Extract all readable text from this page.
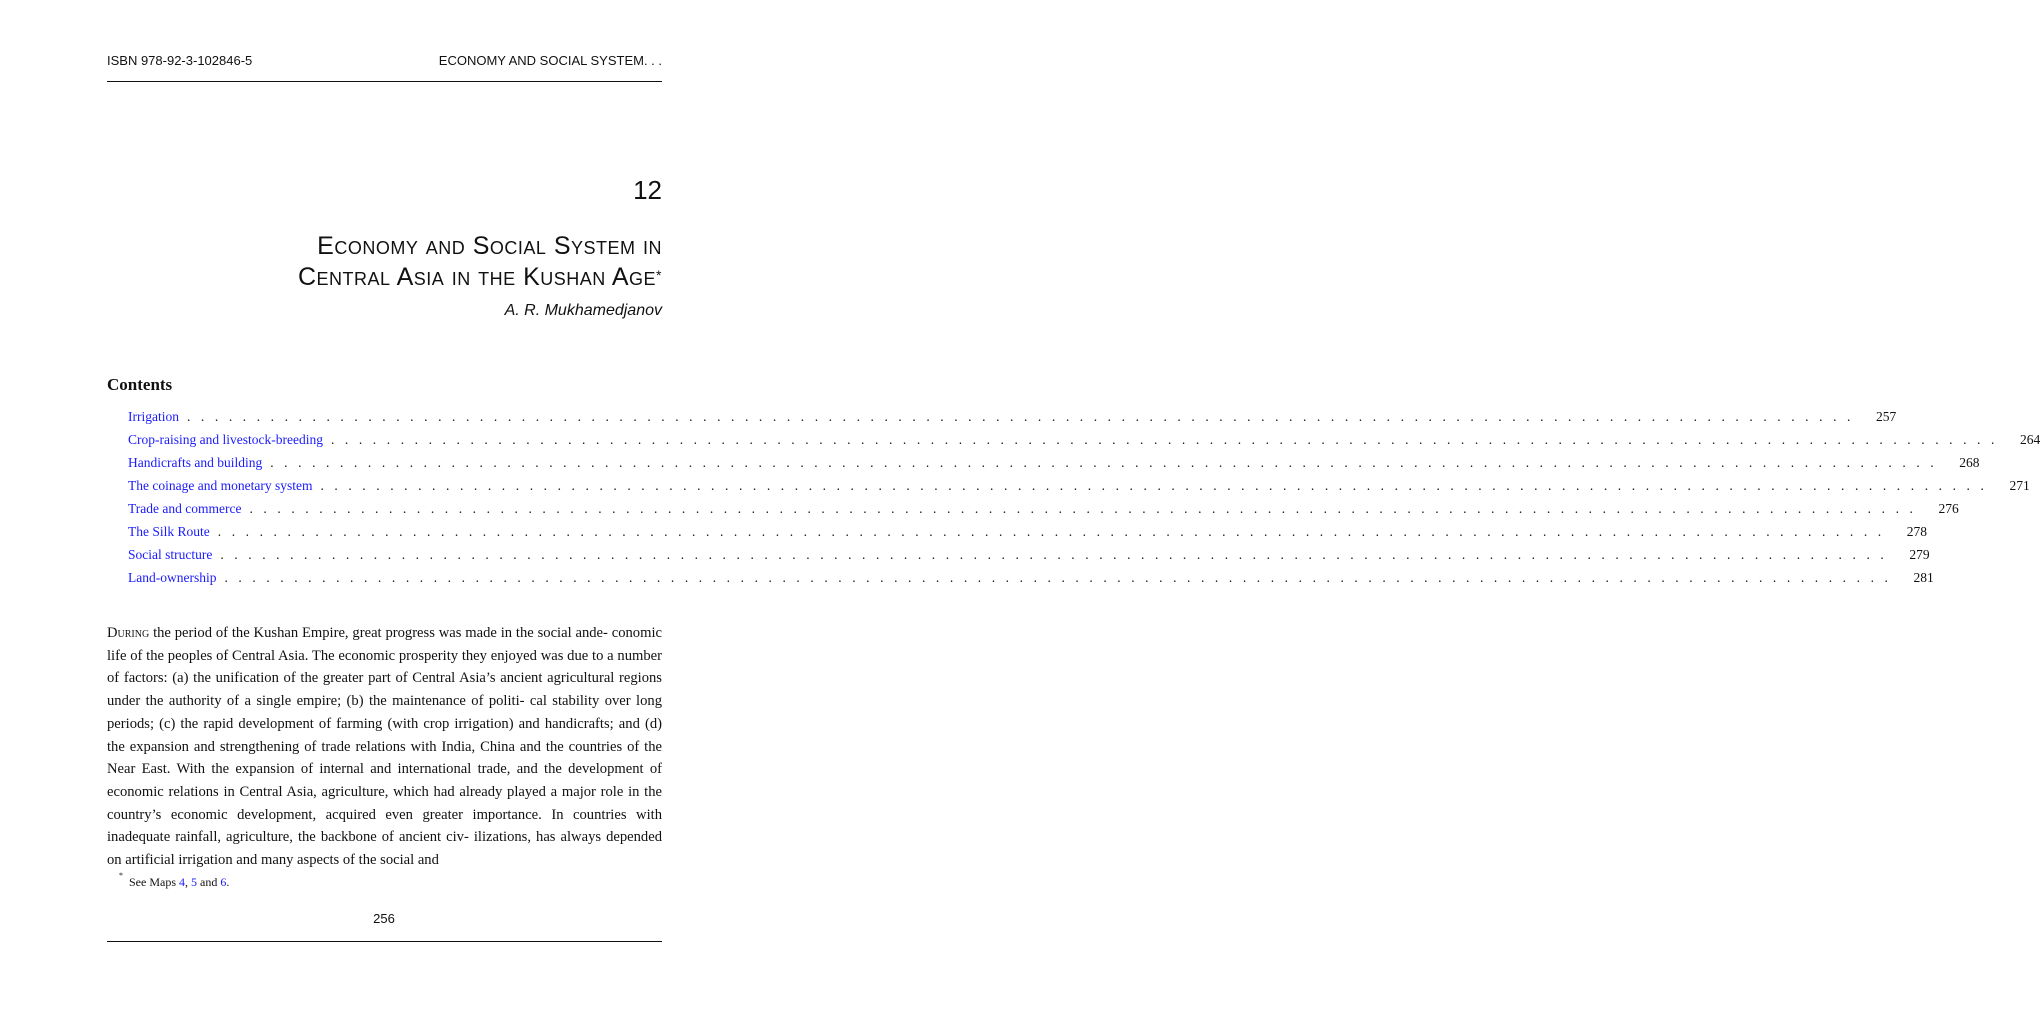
ISBN 978-92-3-102846-5	ECONOMY AND SOCIAL SYSTEM. . .
12
Economy and Social System in
Central Asia in the Kushan Age*
A. R. Mukhamedjanov
Contents
Irrigation . . . . . . . . . . . . . . . . . . . . . . . . . . . . . . . . . . . . . . . . . . . . . . . . . . . . . . . . . . . . . . . . . . . . . . . . . . . . . . . . . . . . . . . . . . . . . . . . . . . . . . . . . . . . . . . . . . . . . . . . 257
Crop-raising and livestock-breeding . . . . . . . . . . . . . . . . . . . . . . . . . . . . . . . . . . . . . . . . . . . . . . . . . . . . . . . . . . . . . . . . . . . . . . . . . . . . . . . . . . . . . . . . . . . . . . . . . . . . . . . . . . . . . . . . . . . . . . . . 264
Handicrafts and building . . . . . . . . . . . . . . . . . . . . . . . . . . . . . . . . . . . . . . . . . . . . . . . . . . . . . . . . . . . . . . . . . . . . . . . . . . . . . . . . . . . . . . . . . . . . . . . . . . . . . . . . . . . . . . . . . . . . . . . . 268
The coinage and monetary system . . . . . . . . . . . . . . . . . . . . . . . . . . . . . . . . . . . . . . . . . . . . . . . . . . . . . . . . . . . . . . . . . . . . . . . . . . . . . . . . . . . . . . . . . . . . . . . . . . . . . . . . . . . . . . . . . . . . . . . . 271
Trade and commerce . . . . . . . . . . . . . . . . . . . . . . . . . . . . . . . . . . . . . . . . . . . . . . . . . . . . . . . . . . . . . . . . . . . . . . . . . . . . . . . . . . . . . . . . . . . . . . . . . . . . . . . . . . . . . . . . . . . . . . . . 276
The Silk Route . . . . . . . . . . . . . . . . . . . . . . . . . . . . . . . . . . . . . . . . . . . . . . . . . . . . . . . . . . . . . . . . . . . . . . . . . . . . . . . . . . . . . . . . . . . . . . . . . . . . . . . . . . . . . . . . . . . . . . . . 278
Social structure . . . . . . . . . . . . . . . . . . . . . . . . . . . . . . . . . . . . . . . . . . . . . . . . . . . . . . . . . . . . . . . . . . . . . . . . . . . . . . . . . . . . . . . . . . . . . . . . . . . . . . . . . . . . . . . . . . . . . . . . 279
Land-ownership . . . . . . . . . . . . . . . . . . . . . . . . . . . . . . . . . . . . . . . . . . . . . . . . . . . . . . . . . . . . . . . . . . . . . . . . . . . . . . . . . . . . . . . . . . . . . . . . . . . . . . . . . . . . . . . . . . . . . . . . 281
During the period of the Kushan Empire, great progress was made in the social ande- conomic life of the peoples of Central Asia. The economic prosperity they enjoyed was due to a number of factors: (a) the unification of the greater part of Central Asia’s ancient agricultural regions under the authority of a single empire; (b) the maintenance of politi- cal stability over long periods; (c) the rapid development of farming (with crop irrigation) and handicrafts; and (d) the expansion and strengthening of trade relations with India, China and the countries of the Near East. With the expansion of internal and international trade, and the development of economic relations in Central Asia, agriculture, which had already played a major role in the country’s economic development, acquired even greater importance. In countries with inadequate rainfall, agriculture, the backbone of ancient civ- ilizations, has always depended on artificial irrigation and many aspects of the social and
* See Maps 4, 5 and 6.
256
